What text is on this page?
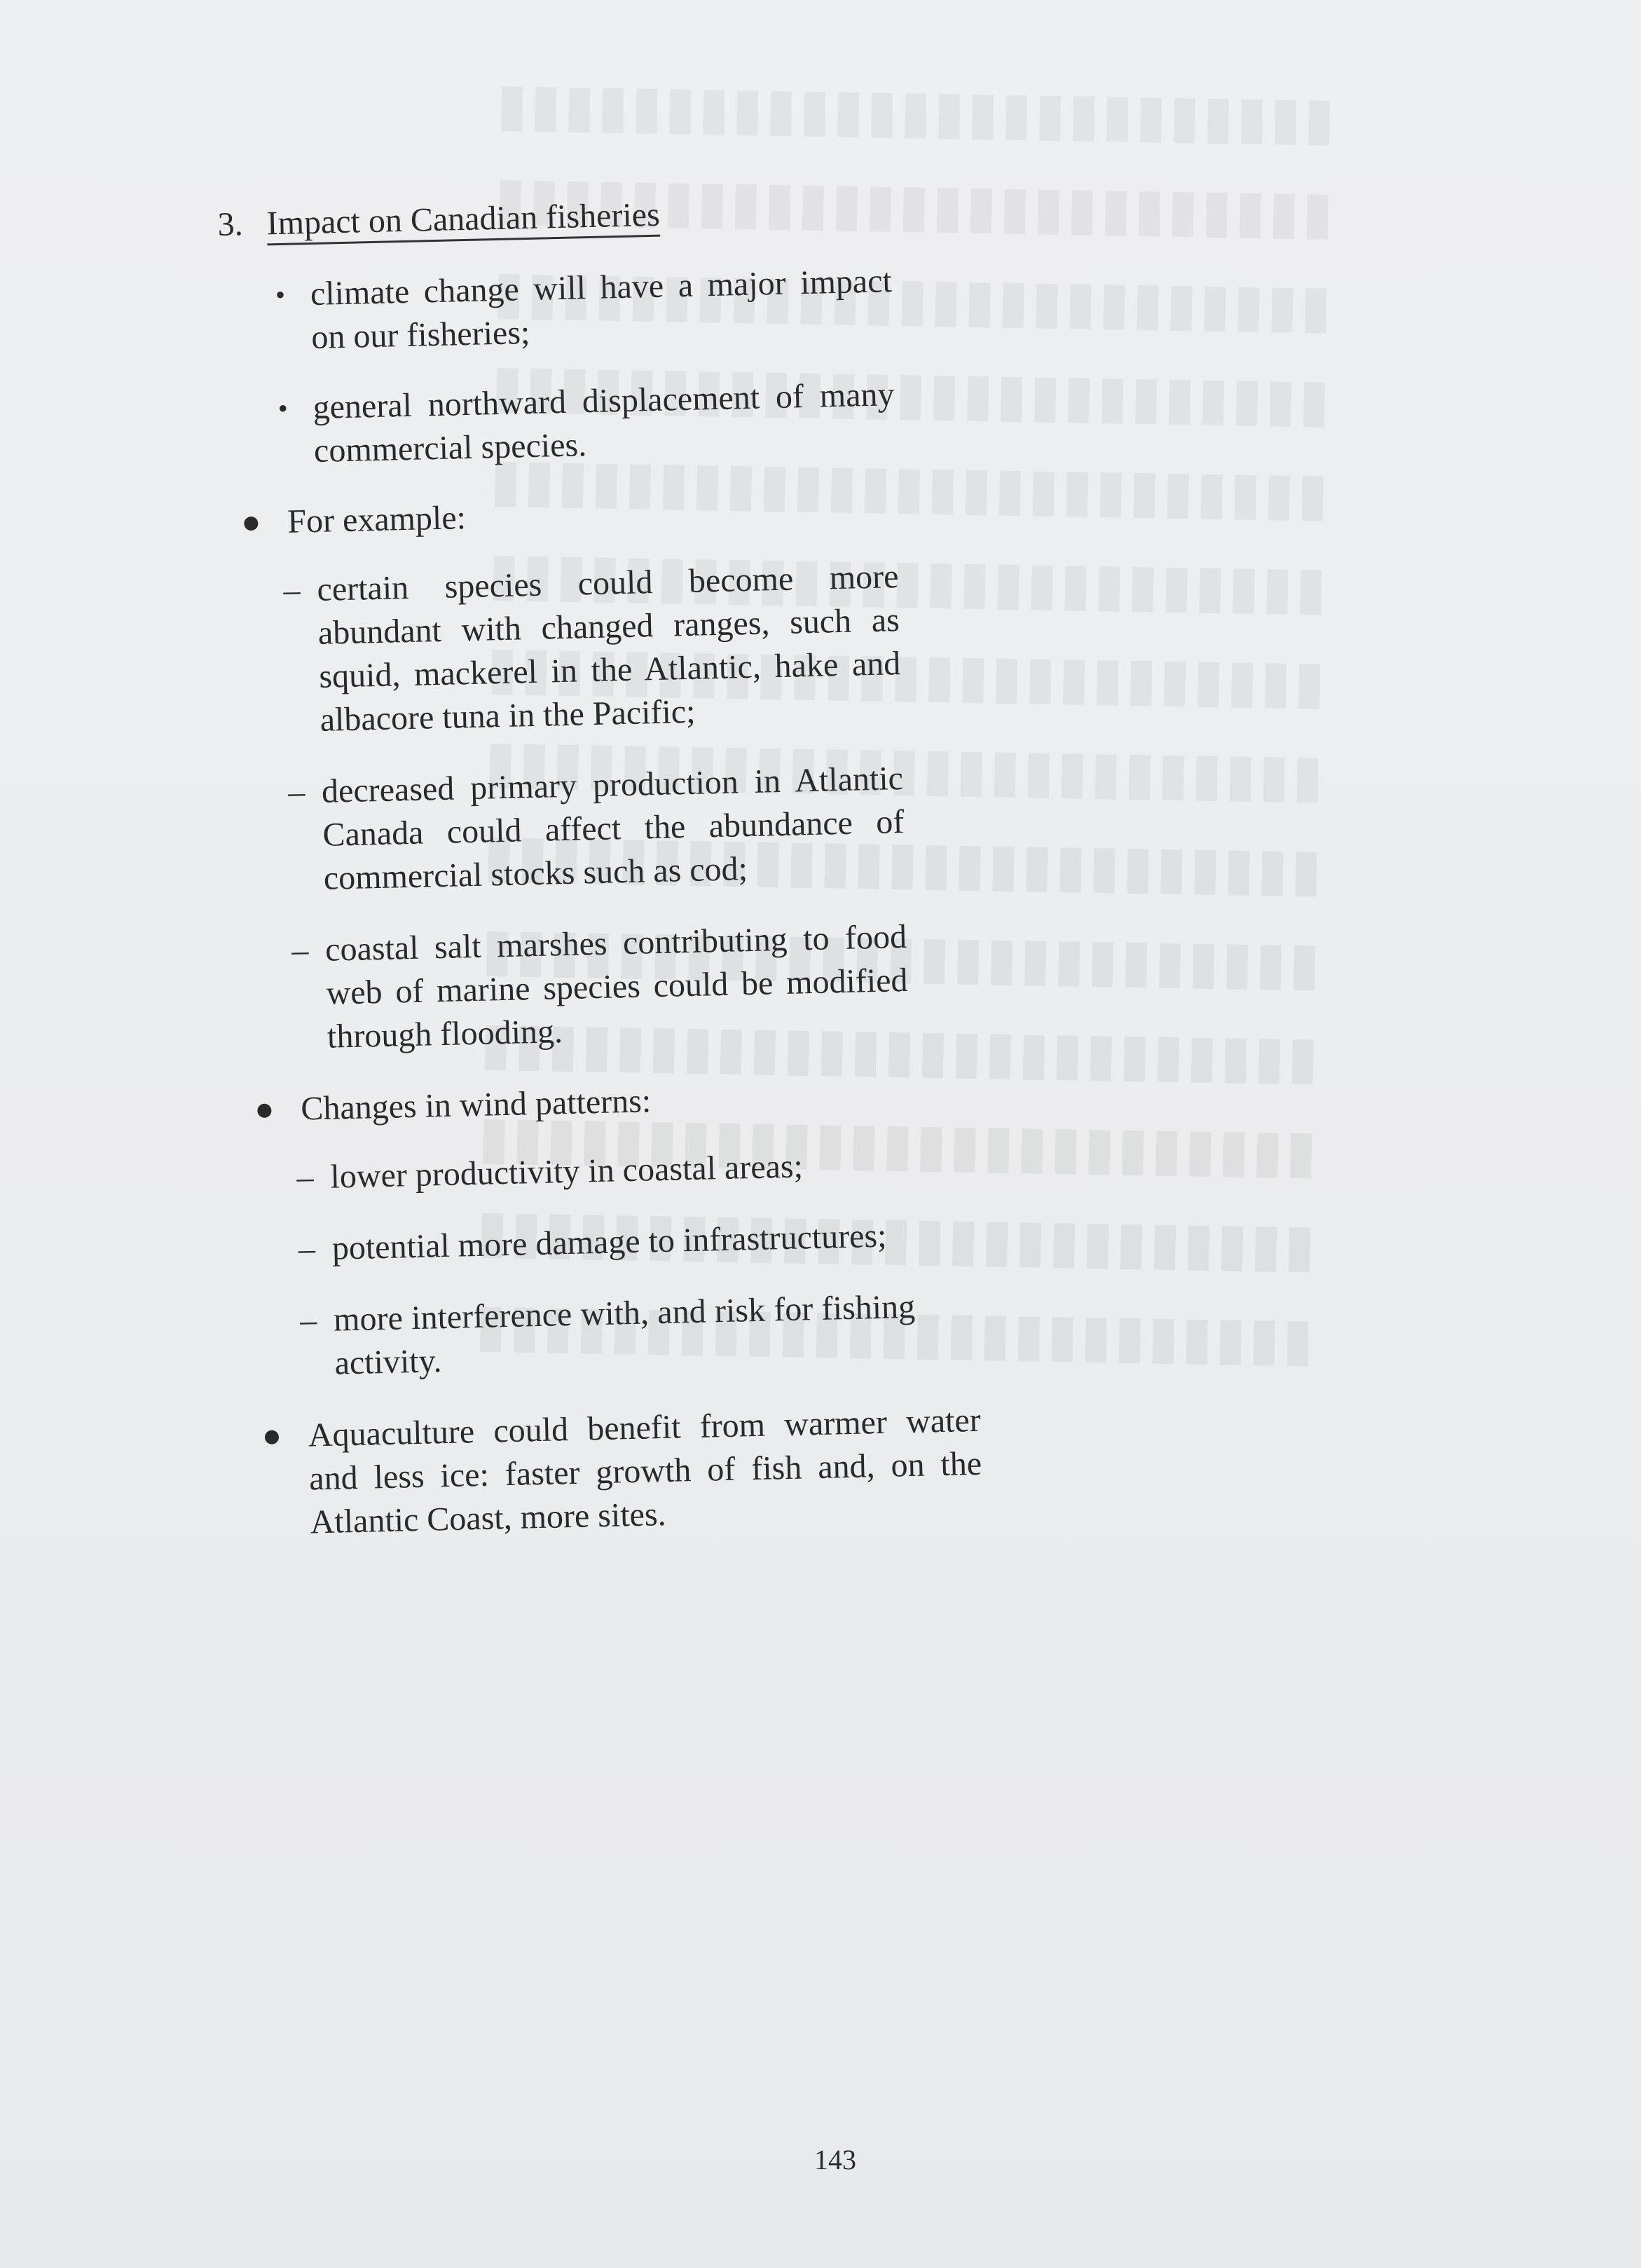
3. Impact on Canadian fisheries
• climate change will have a major impact on our fisheries;
• general northward displacement of many commercial species.
For example:
– certain species could become more abundant with changed ranges, such as squid, mackerel in the Atlantic, hake and albacore tuna in the Pacific;
– decreased primary production in Atlantic Canada could affect the abundance of commercial stocks such as cod;
– coastal salt marshes contributing to food web of marine species could be modified through flooding.
Changes in wind patterns:
– lower productivity in coastal areas;
– potential more damage to infrastructures;
– more interference with, and risk for fishing activity.
Aquaculture could benefit from warmer water and less ice: faster growth of fish and, on the Atlantic Coast, more sites.
143
